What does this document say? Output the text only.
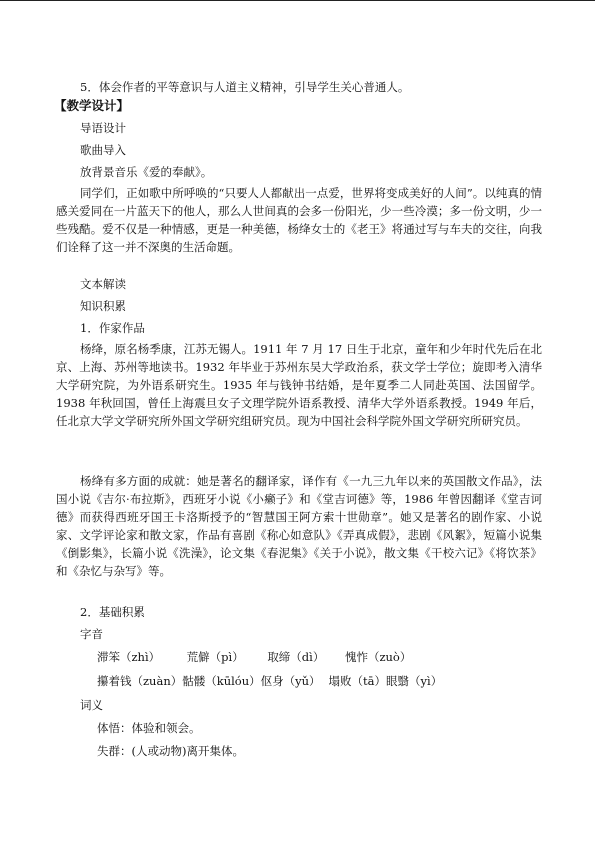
5．体会作者的平等意识与人道主义精神，引导学生关心普通人。
【教学设计】
导语设计
歌曲导入
放背景音乐《爱的奉献》。
同学们，正如歌中所呼唤的“只要人人都献出一点爱，世界将变成美好的人间”。以纯真的情感关爱同在一片蓝天下的他人，那么人世间真的会多一份阳光，少一些冷漠；多一份文明，少一些残酷。爱不仅是一种情感，更是一种美德，杨绛女士的《老王》将通过写与车夫的交往，向我们诠释了这一并不深奥的生活命题。
文本解读
知识积累
1．作家作品
杨绛，原名杨季康，江苏无锡人。1911 年 7 月 17 日生于北京，童年和少年时代先后在北京、上海、苏州等地读书。1932 年毕业于苏州东吴大学政治系，获文学士学位；旋即考入清华大学研究院，为外语系研究生。1935 年与钱钟书结婚，是年夏季二人同赴英国、法国留学。1938 年秋回国，曾任上海震旦女子文理学院外语系教授、清华大学外语系教授。1949 年后，任北京大学文学研究所外国文学研究组研究员。现为中国社会科学院外国文学研究所研究员。
杨绛有多方面的成就：她是著名的翻译家，译作有《一九三九年以来的英国散文作品》，法国小说《吉尔·布拉斯》，西班牙小说《小癞子》和《堂吉诃德》等，1986 年曾因翻译《堂吉诃德》而获得西班牙国王卡洛斯授予的“智慧国王阿方索十世勋章”。她又是著名的剧作家、小说家、文学评论家和散文家，作品有喜剧《称心如意队》《弄真成假》，悲剧《风絮》，短篇小说集《倒影集》，长篇小说《洗澡》，论文集《春泥集》《关于小说》，散文集《干校六记》《将饮茶》和《杂忆与杂写》等。
2．基础积累
字音
滞笨（zhì） 荒僻（pì） 取缔（dì） 愧怍（zuò）
攥着钱（zuàn）骷髅（kūlóu）伛身（yǔ） 塌败（tā）眼翳（yì）
词义
体悟：体验和领会。
失群：(人或动物)离开集体。
